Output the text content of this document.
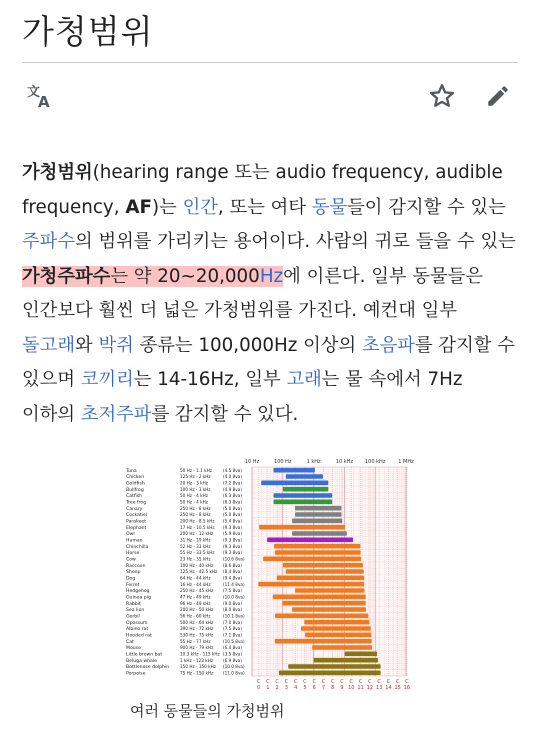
가청범위
文
A

가청범위(hearing range 또는 audio frequency, audible frequency, AF)는 인간, 또는 여타 동물들이 감지할 수 있는 주파수의 범위를 가리키는 용어이다. 사람의 귀로 들을 수 있는 가청주파수는 약 20~20,000Hz에 이른다. 일부 동물들은 인간보다 훨씬 더 넓은 가청범위를 가진다. 예컨대 일부 돌고래와 박쥐 종류는 100,000Hz 이상의 초음파를 감지할 수 있으며 코끼리는 14-16Hz, 일부 고래는 물 속에서 7Hz 이하의 초저주파를 감지할 수 있다.

10 Hz	100 Hz	1 kHz	10 kHz 100 kHz	1 MHz
C
0
C
1
C
2
C
3
C
4
C
5
C
6
C
7
C
8
C
9
C
10
C
11
C
12
C
13
C
14
C
15
C
16
Tuna	50 Hz - 1.1 kHz	(4.5 8va)
Chicken	125 Hz - 2 kHz	(4.0 8va)
Goldfish	20 Hz - 3 kHz	(7.2 8va)
Bullfrog	100 Hz - 3 kHz	(4.9 8va)
Catfish	50 Hz - 4 kHz	(6.3 8va)
Tree frog	50 Hz - 4 kHz	(6.3 8va)
Canary	250 Hz - 8 kHz	(5.0 8va)
Cockatiel	250 Hz - 8 kHz	(5.0 8va)
Parakeet	200 Hz - 8.5 kHz (5.4 8va)
Elephant	17 Hz - 10.5 kHz (9.3 8va)
Owl	200 Hz - 12 kHz (5.9 8va)
Human	31 Hz - 19 kHz	(9.3 8va)
Chinchilla	52 Hz - 33 kHz	(9.3 8va)
Horse	55 Hz - 33.5 kHz (9.3 8va)
Cow	23 Hz - 35 kHz	(10.6 8va)
Raccoon	100 Hz - 40 kHz (8.6 8va)
Sheep	125 Hz - 42.5 kHz (8.4 8va)
Dog	64 Hz - 44 kHz	(9.4 8va)
Ferret	16 Hz - 44 kHz	(11.4 8va)
Hedgehog	250 Hz - 45 kHz (7.5 8va)
Guinea pig	47 Hz - 49 kHz	(10.0 8va)
Rabbit	96 Hz - 49 kHz	(9.0 8va)
Sea lion	200 Hz - 50 kHz (8.0 8va)
Gerbil	56 Hz - 60 kHz	(10.1 8va)
Opossum	500 Hz - 64 kHz (7.0 8va)
Albino rat	390 Hz - 72 kHz (7.5 8va)
Hooded rat	530 Hz - 75 kHz (7.1 8va)
Cat	55 Hz - 77 kHz	(10.5 8va)
Mouse	900 Hz - 79 kHz (6.4 8va)
Little brown bat	10.3 kHz - 115 kHz (3.5 8va)
Beluga whale	1 kHz - 123 kHz (6.9 8va)
Bottlenose dolphin	150 Hz - 150 kHz (10.0 8va)
Porpoise	75 Hz - 150 kHz (11.0 8va)
여러 동물들의 가청범위
